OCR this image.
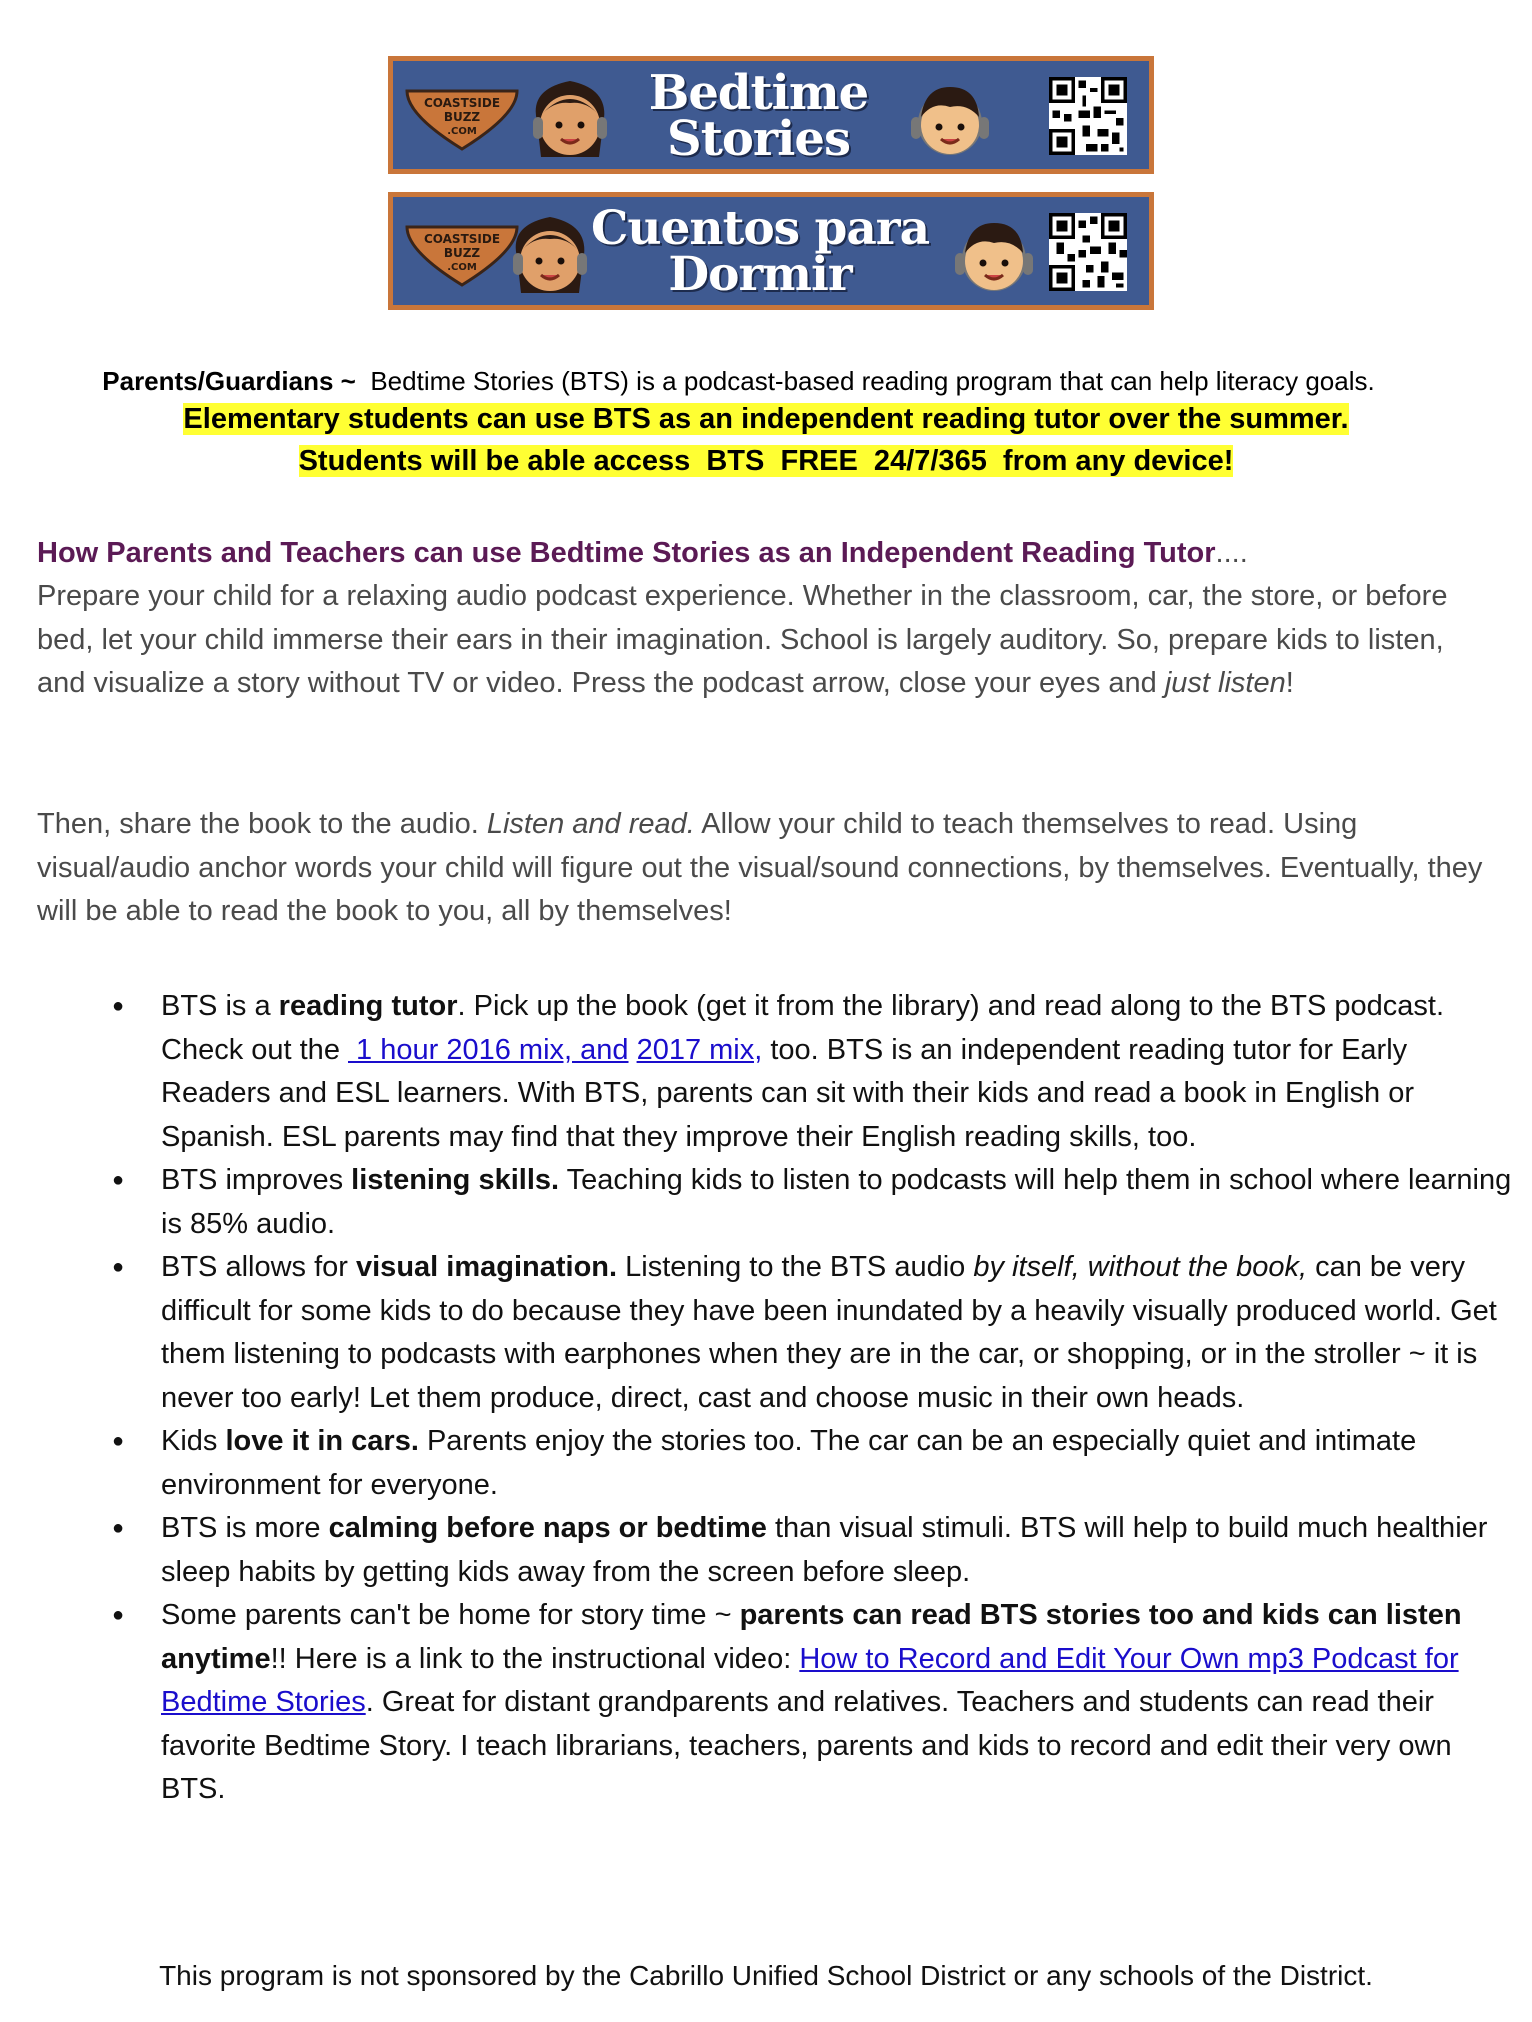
COASTSIDE
BUZZ
.COM
Bedtime
Stories
COASTSIDE
BUZZ
.COM
Cuentos para
Dormir
Parents/Guardians ~ Bedtime Stories (BTS) is a podcast-based reading program that can help literacy goals.
Elementary students can use BTS as an independent reading tutor over the summer.
Students will be able access  BTS  FREE  24/7/365  from any device!
How Parents and Teachers can use Bedtime Stories as an Independent Reading Tutor....
Prepare your child for a relaxing audio podcast experience. Whether in the classroom, car, the store, or before bed, let your child immerse their ears in their imagination. School is largely auditory. So, prepare kids to listen, and visualize a story without TV or video. Press the podcast arrow, close your eyes and just listen!
Then, share the book to the audio. Listen and read. Allow your child to teach themselves to read. Using visual/audio anchor words your child will figure out the visual/sound connections, by themselves. Eventually, they will be able to read the book to you, all by themselves!
● BTS is a reading tutor. Pick up the book (get it from the library) and read along to the BTS podcast. Check out the  1 hour 2016 mix, and 2017 mix, too. BTS is an independent reading tutor for Early Readers and ESL learners. With BTS, parents can sit with their kids and read a book in English or Spanish. ESL parents may find that they improve their English reading skills, too.
● BTS improves listening skills. Teaching kids to listen to podcasts will help them in school where learning is 85% audio.
● BTS allows for visual imagination. Listening to the BTS audio by itself, without the book, can be very difficult for some kids to do because they have been inundated by a heavily visually produced world. Get them listening to podcasts with earphones when they are in the car, or shopping, or in the stroller ~ it is never too early! Let them produce, direct, cast and choose music in their own heads.
● Kids love it in cars. Parents enjoy the stories too. The car can be an especially quiet and intimate environment for everyone.
● BTS is more calming before naps or bedtime than visual stimuli. BTS will help to build much healthier sleep habits by getting kids away from the screen before sleep.
● Some parents can't be home for story time ~ parents can read BTS stories too and kids can listen anytime!! Here is a link to the instructional video: How to Record and Edit Your Own mp3 Podcast for Bedtime Stories. Great for distant grandparents and relatives. Teachers and students can read their favorite Bedtime Story. I teach librarians, teachers, parents and kids to record and edit their very own BTS.
This program is not sponsored by the Cabrillo Unified School District or any schools of the District.
